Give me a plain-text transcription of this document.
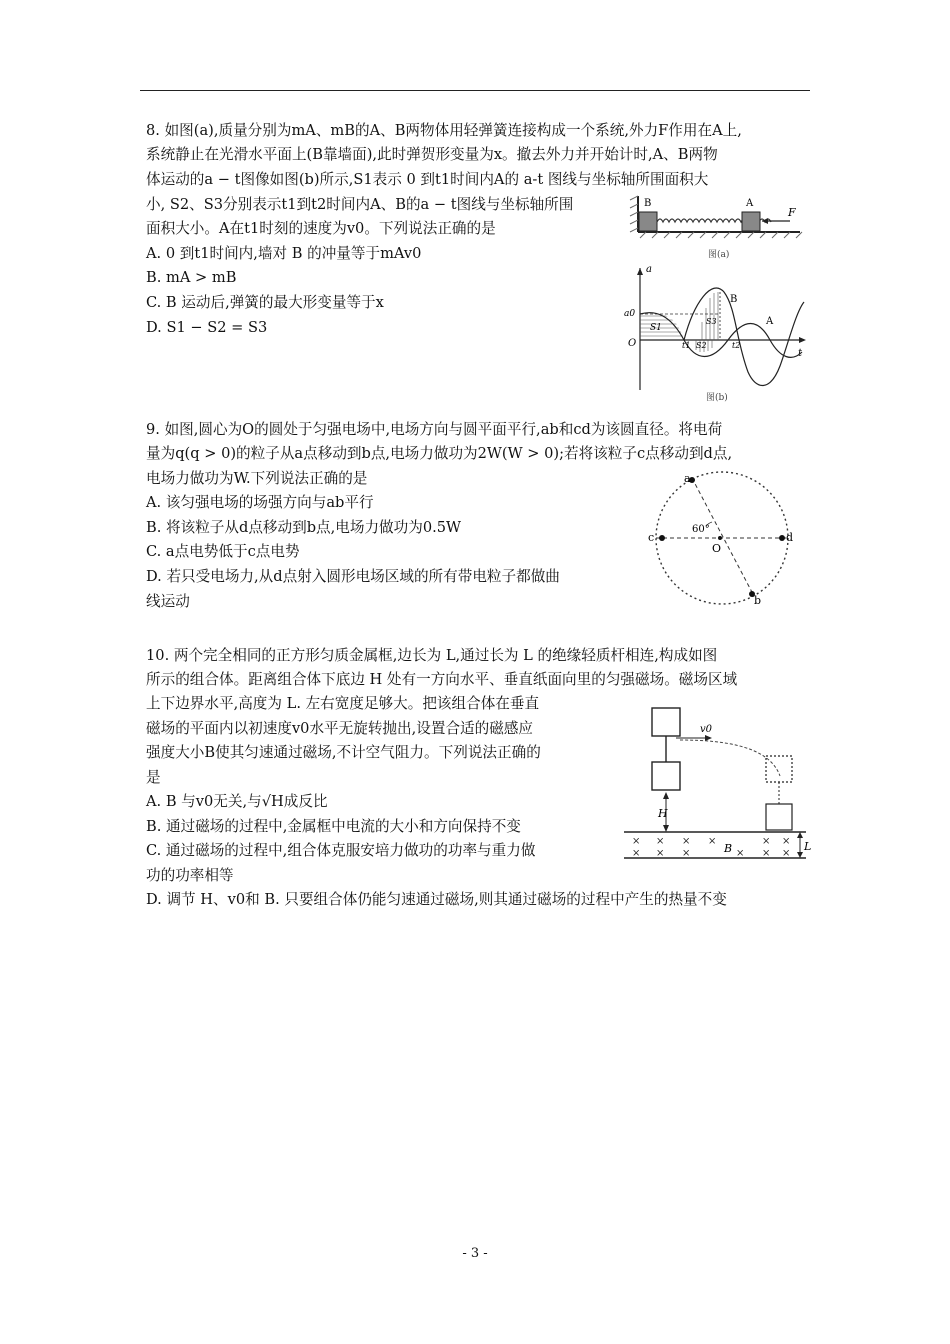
8. 如图(a),质量分别为mA、mB的A、B两物体用轻弹簧连接构成一个系统,外力F作用在A上,
系统静止在光滑水平面上(B靠墙面),此时弹贺形变量为x。撤去外力并开始计时,A、B两物
体运动的a − t图像如图(b)所示,S1表示 0 到t1时间内A的 a-t 图线与坐标轴所围面积大
小, S2、S3分别表示t1到t2时间内A、B的a − t图线与坐标轴所围
面积大小。A在t1时刻的速度为v0。下列说法正确的是
A. 0 到t1时间内,墙对 B 的冲量等于mAv0
B. mA > mB
C. B 运动后,弹簧的最大形变量等于x
D. S1 − S2 = S3
B	A
F
图(a)
a
t
a0
O
S1
S2
S3
t1	t2
B
A
图(b)
9. 如图,圆心为O的圆处于匀强电场中,电场方向与圆平面平行,ab和cd为该圆直径。将电荷
量为q(q > 0)的粒子从a点移动到b点,电场力做功为2W(W > 0);若将该粒子c点移动到d点,
电场力做功为W.下列说法正确的是
A. 该匀强电场的场强方向与ab平行
B. 将该粒子从d点移动到b点,电场力做功为0.5W
C. a点电势低于c点电势
D. 若只受电场力,从d点射入圆形电场区域的所有带电粒子都做曲
线运动
a
b
c	d
O
60°
10. 两个完全相同的正方形匀质金属框,边长为 L,通过长为 L 的绝缘轻质杆相连,构成如图
所示的组合体。距离组合体下底边 H 处有一方向水平、垂直纸面向里的匀强磁场。磁场区域
上下边界水平,高度为 L. 左右宽度足够大。把该组合体在垂直
磁场的平面内以初速度v0水平无旋转抛出,设置合适的磁感应
强度大小B使其匀速通过磁场,不计空气阻力。下列说法正确的
是
A. B 与v0无关,与√H成反比
B. 通过磁场的过程中,金属框中电流的大小和方向保持不变
C. 通过磁场的过程中,组合体克服安培力做功的功率与重力做
功的功率相等
D. 调节 H、v0和 B. 只要组合体仍能匀速通过磁场,则其通过磁场的过程中产生的热量不变
v0
H
× × × ×	× ×
× × ×	× × ×
B	L
- 3 -
